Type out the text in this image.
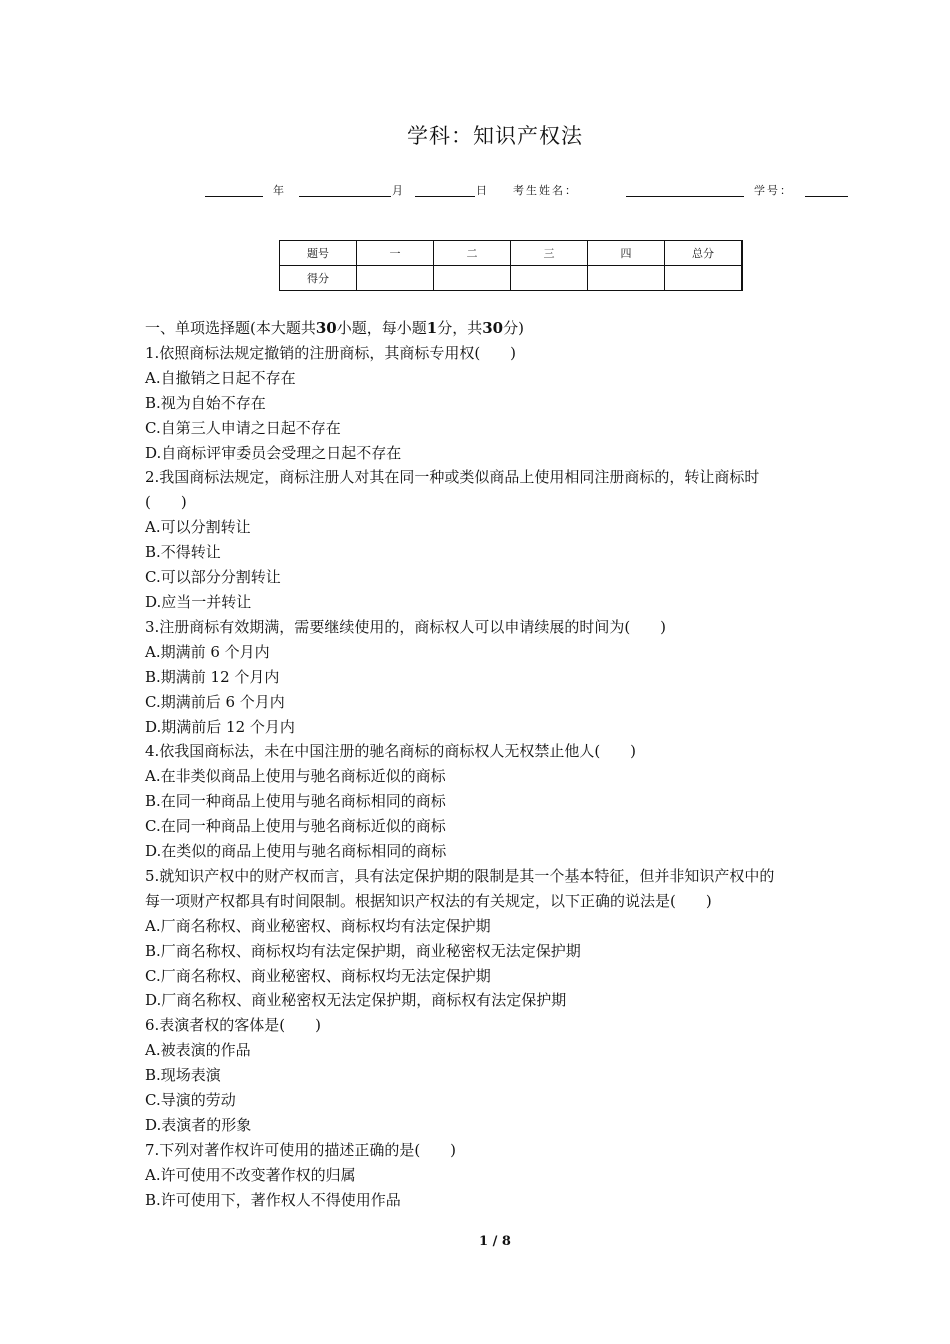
学科：知识产权法
年	月	日 考生姓名：	学号：
题号	一	二	三	四	总分
得分					

一、单项选择题(本大题共30小题，每小题1分，共30分)

1.依照商标法规定撤销的注册商标，其商标专用权(　　)

A.自撤销之日起不存在

B.视为自始不存在

C.自第三人申请之日起不存在

D.自商标评审委员会受理之日起不存在

2.我国商标法规定，商标注册人对其在同一种或类似商品上使用相同注册商标的，转让商标时

(　　)

A.可以分割转让

B.不得转让

C.可以部分分割转让

D.应当一并转让

3.注册商标有效期满，需要继续使用的，商标权人可以申请续展的时间为(　　)

A.期满前 6 个月内

B.期满前 12 个月内

C.期满前后 6 个月内

D.期满前后 12 个月内

4.依我国商标法，未在中国注册的驰名商标的商标权人无权禁止他人(　　)

A.在非类似商品上使用与驰名商标近似的商标

B.在同一种商品上使用与驰名商标相同的商标

C.在同一种商品上使用与驰名商标近似的商标

D.在类似的商品上使用与驰名商标相同的商标

5.就知识产权中的财产权而言，具有法定保护期的限制是其一个基本特征，但并非知识产权中的

每一项财产权都具有时间限制。根据知识产权法的有关规定，以下正确的说法是(　　)

A.厂商名称权、商业秘密权、商标权均有法定保护期

B.厂商名称权、商标权均有法定保护期，商业秘密权无法定保护期

C.厂商名称权、商业秘密权、商标权均无法定保护期

D.厂商名称权、商业秘密权无法定保护期，商标权有法定保护期

6.表演者权的客体是(　　)

A.被表演的作品

B.现场表演

C.导演的劳动

D.表演者的形象

7.下列对著作权许可使用的描述正确的是(　　)

A.许可使用不改变著作权的归属

B.许可使用下，著作权人不得使用作品

1 / 8
